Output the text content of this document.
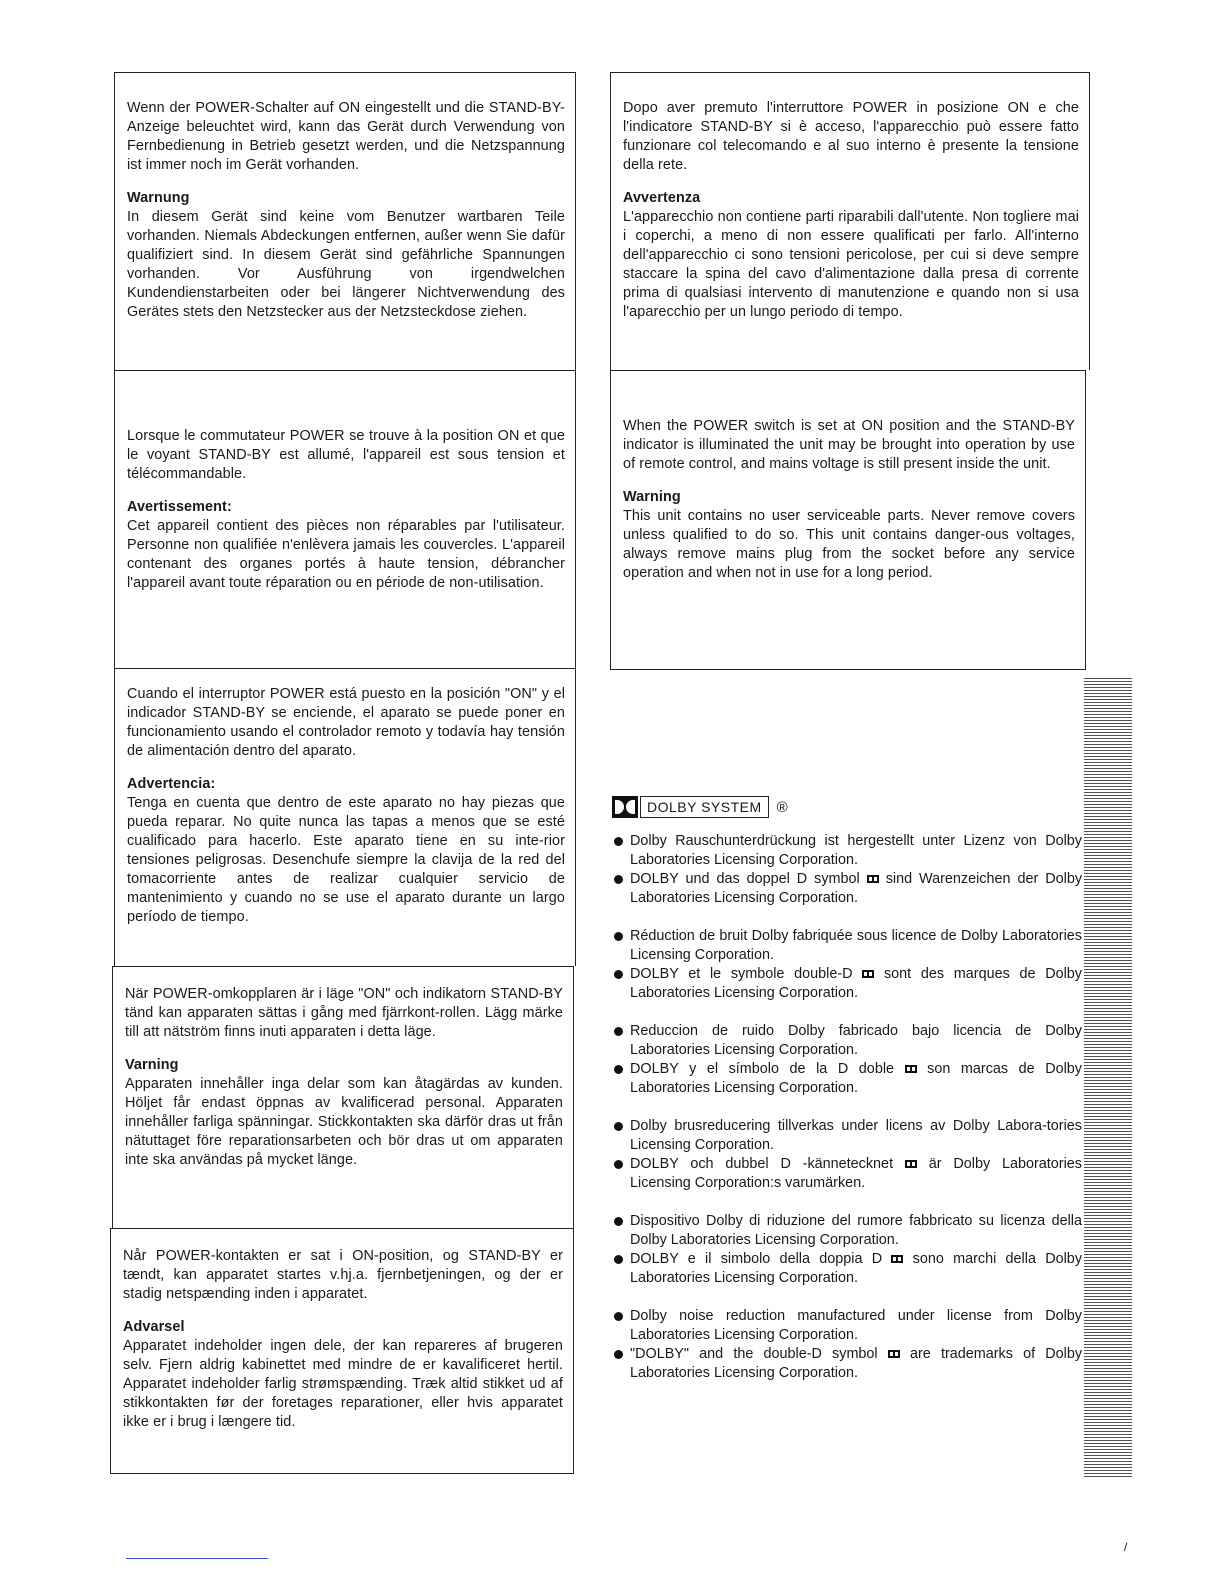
Wenn der POWER-Schalter auf ON eingestellt und die STAND-BY-Anzeige beleuchtet wird, kann das Gerät durch Verwendung von Fernbedienung in Betrieb gesetzt werden, und die Netzspannung ist immer noch im Gerät vorhanden.

Warnung

In diesem Gerät sind keine vom Benutzer wartbaren Teile vorhanden. Niemals Abdeckungen entfernen, außer wenn Sie dafür qualifiziert sind. In diesem Gerät sind gefährliche Spannungen vorhanden. Vor Ausführung von irgendwelchen Kundendienstarbeiten oder bei längerer Nichtverwendung des Gerätes stets den Netzstecker aus der Netzsteckdose ziehen.

Lorsque le commutateur POWER se trouve à la position ON et que le voyant STAND-BY est allumé, l'appareil est sous tension et télécommandable.

Avertissement:

Cet appareil contient des pièces non réparables par l'utilisateur. Personne non qualifiée n'enlèvera jamais les couvercles. L'appareil contenant des organes portés à haute tension, débrancher l'appareil avant toute réparation ou en période de non-utilisation.

Cuando el interruptor POWER está puesto en la posición "ON" y el indicador STAND-BY se enciende, el aparato se puede poner en funcionamiento usando el controlador remoto y todavía hay tensión de alimentación dentro del aparato.

Advertencia:

Tenga en cuenta que dentro de este aparato no hay piezas que pueda reparar. No quite nunca las tapas a menos que se esté cualificado para hacerlo. Este aparato tiene en su inte-rior tensiones peligrosas. Desenchufe siempre la clavija de la red del tomacorriente antes de realizar cualquier servicio de mantenimiento y cuando no se use el aparato durante un largo período de tiempo.

När POWER-omkopplaren är i läge "ON" och indikatorn STAND-BY tänd kan apparaten sättas i gång med fjärrkont-rollen. Lägg märke till att nätström finns inuti apparaten i detta läge.

Varning

Apparaten innehåller inga delar som kan åtagärdas av kunden. Höljet får endast öppnas av kvalificerad personal. Apparaten innehåller farliga spänningar. Stickkontakten ska därför dras ut från nätuttaget före reparationsarbeten och bör dras ut om apparaten inte ska användas på mycket länge.

Når POWER-kontakten er sat i ON-position, og STAND-BY er tændt, kan apparatet startes v.hj.a. fjernbetjeningen, og der er stadig netspænding inden i apparatet.

Advarsel

Apparatet indeholder ingen dele, der kan repareres af brugeren selv. Fjern aldrig kabinettet med mindre de er kavalificeret hertil. Apparatet indeholder farlig strømspænding. Træk altid stikket ud af stikkontakten før der foretages reparationer, eller hvis apparatet ikke er i brug i længere tid.

Dopo aver premuto l'interruttore POWER in posizione ON e che l'indicatore STAND-BY si è acceso, l'apparecchio può essere fatto funzionare col telecomando e al suo interno è presente la tensione della rete.

Avvertenza

L'apparecchio non contiene parti riparabili dall'utente. Non togliere mai i coperchi, a meno di non essere qualificati per farlo. All'interno dell'apparecchio ci sono tensioni pericolose, per cui si deve sempre staccare la spina del cavo d'alimentazione dalla presa di corrente prima di qualsiasi intervento di manutenzione e quando non si usa l'aparecchio per un lungo periodo di tempo.

When the POWER switch is set at ON position and the STAND-BY indicator is illuminated the unit may be brought into operation by use of remote control, and mains voltage is still present inside the unit.

Warning

This unit contains no user serviceable parts. Never remove covers unless qualified to do so. This unit contains danger-ous voltages, always remove mains plug from the socket before any service operation and when not in use for a long period.

DOLBY SYSTEM	®
Dolby Rauschunterdrückung ist hergestellt unter Lizenz von Dolby Laboratories Licensing Corporation.
DOLBY und das doppel D symbol sind Warenzeichen der Dolby Laboratories Licensing Corporation.
Réduction de bruit Dolby fabriquée sous licence de Dolby Laboratories Licensing Corporation.
DOLBY et le symbole double-D sont des marques de Dolby Laboratories Licensing Corporation.
Reduccion de ruido Dolby fabricado bajo licencia de Dolby Laboratories Licensing Corporation.
DOLBY y el símbolo de la D doble son marcas de Dolby Laboratories Licensing Corporation.
Dolby brusreducering tillverkas under licens av Dolby Labora-tories Licensing Corporation.
DOLBY och dubbel D -kännetecknet är Dolby Laboratories Licensing Corporation:s varumärken.
Dispositivo Dolby di riduzione del rumore fabbricato su licenza della Dolby Laboratories Licensing Corporation.
DOLBY e il simbolo della doppia D sono marchi della Dolby Laboratories Licensing Corporation.
Dolby noise reduction manufactured under license from Dolby Laboratories Licensing Corporation.
"DOLBY" and the double-D symbol are trademarks of Dolby Laboratories Licensing Corporation.
/
